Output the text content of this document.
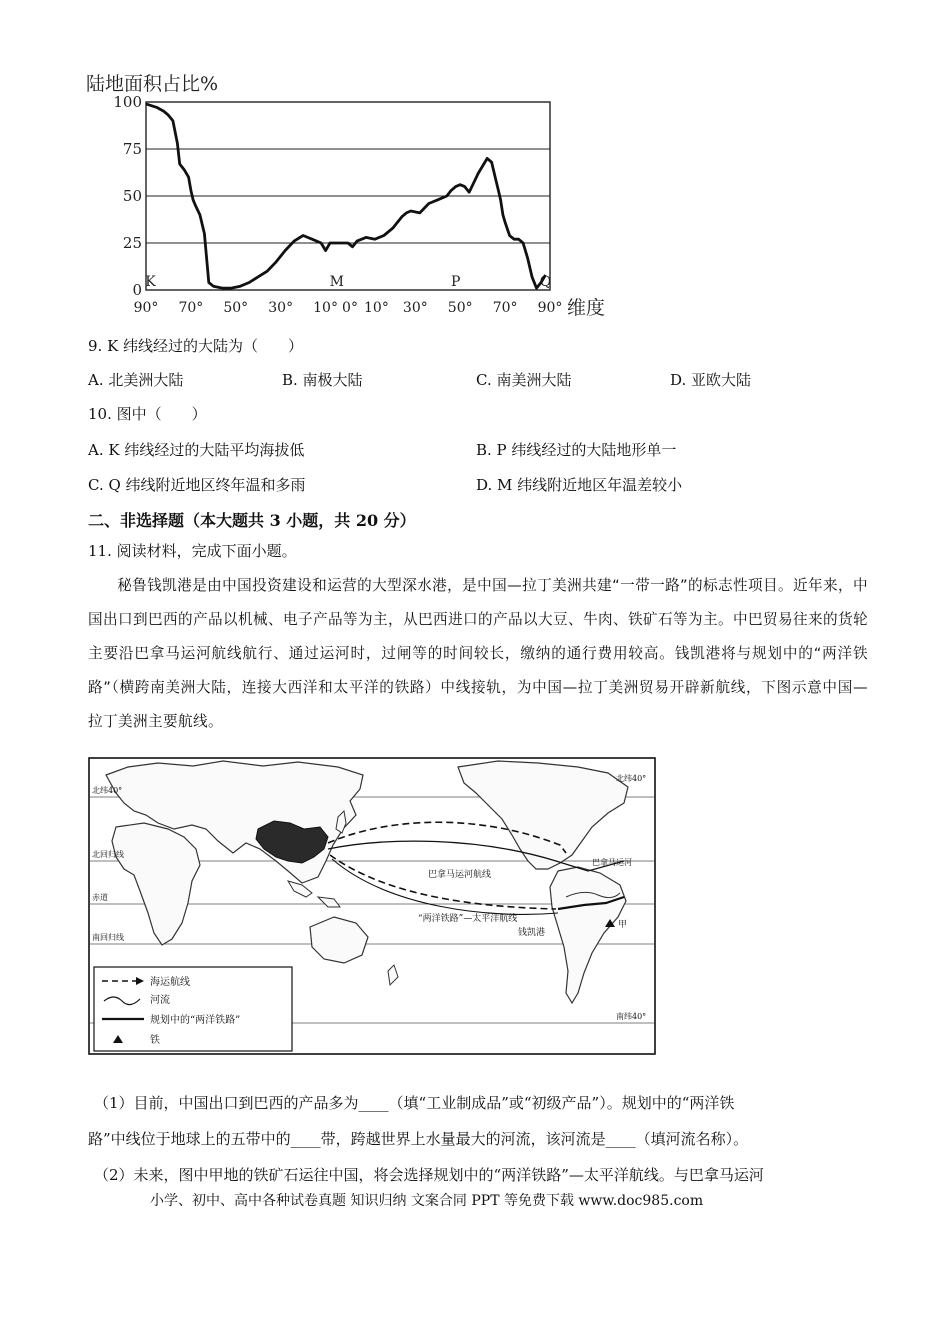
陆地面积占比%
100
75
50
25
0
90° 70° 50° 30° 10° 0° 10° 30° 50° 70° 90°
K	M	P	Q
维度
9. K 纬线经过的大陆为（　　）
A. 北美洲大陆	B. 南极大陆	C. 南美洲大陆	D. 亚欧大陆
10. 图中（　　）
A. K 纬线经过的大陆平均海拔低	B. P 纬线经过的大陆地形单一
C. Q 纬线附近地区终年温和多雨	D. M 纬线附近地区年温差较小
二、非选择题（本大题共 3 小题，共 20 分）
11. 阅读材料，完成下面小题。
秘鲁钱凯港是由中国投资建设和运营的大型深水港，是中国—拉丁美洲共建“一带一路”的标志性项目。近年来，中国出口到巴西的产品以机械、电子产品等为主，从巴西进口的产品以大豆、牛肉、铁矿石等为主。中巴贸易往来的货轮主要沿巴拿马运河航线航行、通过运河时，过闸等的时间较长，缴纳的通行费用较高。钱凯港将与规划中的“两洋铁路”（横跨南美洲大陆，连接大西洋和太平洋的铁路）中线接轨，为中国—拉丁美洲贸易开辟新航线，下图示意中国—拉丁美洲主要航线。
北纬40°
北回归线
赤道
南回归线
南纬40°
北纬40°
巴拿马运河航线
“两洋铁路”—太平洋航线
钱凯港
巴拿马运河
甲
海运航线
河流
规划中的“两洋铁路”
铁
（1）目前，中国出口到巴西的产品多为____（填“工业制成品”或“初级产品”）。规划中的“两洋铁
路”中线位于地球上的五带中的____带，跨越世界上水量最大的河流，该河流是____（填河流名称）。
（2）未来，图中甲地的铁矿石运往中国，将会选择规划中的“两洋铁路”—太平洋航线。与巴拿马运河
小学、初中、高中各种试卷真题 知识归纳 文案合同 PPT 等免费下载 www.doc985.com
